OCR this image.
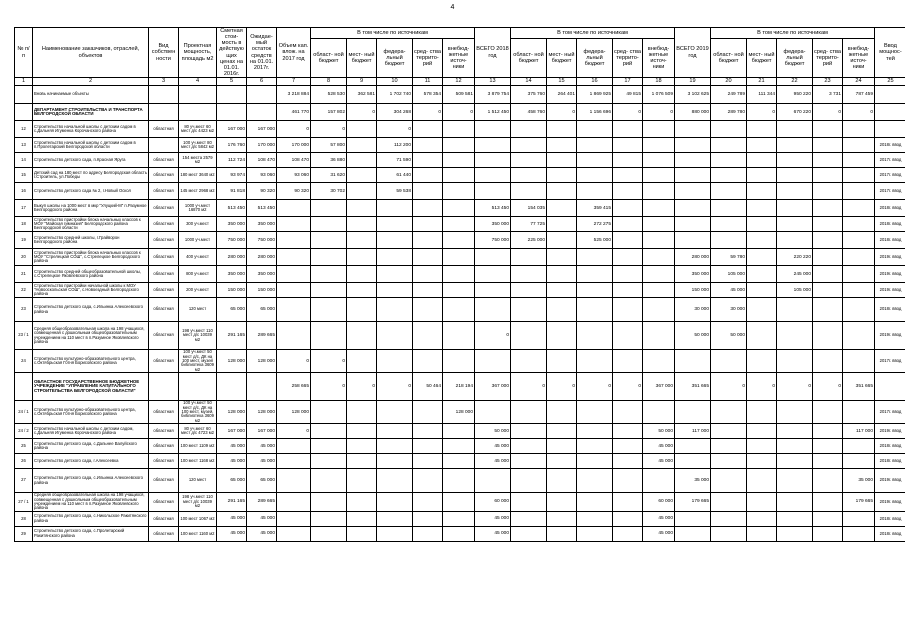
4
№ п/п	Наименование заказчиков, отраслей, объектов	Вид собствен ности	Проектная мощность, площадь м2	Сметная стои- мость в действую щих ценах на 01.01. 2016г.	Ожидае- мый остаток средств на 01.01. 2017г.	Объем кап. влож. на 2017 год	В том числе по источникам					ВСЕГО 2018 год	В том числе по источникам					ВСЕГО 2019 год	В том числе по источникам					Ввод мощнос- тей
							област- ной бюджет	мест- ный бюджет	федера- льный бюджет	сред- ства террито- рий	внебюд- жетные источ- ники		област- ной бюджет	мест- ный бюджет	федера- льный бюджет	сред- ства террито- рий	внебюд- жетные источ- ники		област- ной бюджет	мест- ный бюджет	федера- льный бюджет	сред- ства террито- рий	внебюд- жетные источ- ники	
1	2	3	4	5	6	7	8	9	10	11	12	13	14	15	16	17	18	19	20	21	22	23	24	25
	Вновь начинаемые объекты					3 218 884	528 530	362 581	1 702 740	578 354	509 581	3 879 754	375 760	264 401	1 869 925	49 815	1 076 509	3 102 625	249 789	111 344	950 220	3 731	787 459	
	ДЕПАРТАМЕНТ СТРОИТЕЛЬСТВА И ТРАНСПОРТА БЕЛГОРОДСКОЙ ОБЛАСТИ					461 770	157 802	0	304 268	0	0	1 512 450	458 760	0	1 156 696	0	0	880 000	289 780	0	670 220	0	0	
12	Строительство начальной школы с детским садом в с.Дальняя Игуменка Корочанского района	областная	80 уч.мест 60 мест д/с 4423 м2	167 000	167 000	0	0		0															
13	Строительство начальной школы с детским садом в п.Пролетарский Белгородской области		100 уч.мест 80 мест д/с 5842 м2	176 760	170 000	170 000	57 800		112 200															2018г. ввод
14	Строительство детского сада, п.Красная Яруга	областная	154 места 2579 м2	112 724	108 470	108 470	36 880		71 590															2017г. ввод
15	Детский сад на 180 мест по адресу Белгородская область г.Строитель, ул.Победы	областная	180 мест 3640 м2	93 974	93 060	93 060	31 620		61 440															2017г. ввод
16	Строительство детского сада № 2, г.Новый Оскол	областная	145 мест 2968 м2	91 818	90 320	90 320	30 702		59 538															2017г. ввод
17	Выкуп школы на 1000 мест в мкр "Улуцкий-М" п.Разумное Белгородского района	областная	1000 уч.мест 16870 м2	513 450	513 450							513 450	154 035		359 415									2018г. ввод
18	Строительство пристройки блока начальных классов к МОУ "Майская гимназия" Белгородского района Белгородской области	областная	300 уч.мест	350 000	350 000							350 000	77 725		272 275									2018г. ввод
19	Строительство средней школы, г.Грайворон Белгородского района	областная	1000 уч.мест	750 000	750 000							750 000	225 000		525 000									2018г. ввод
20	Строительство пристройки блока начальных классов к МОУ "Стрелецкая СОШ", с.Стрелецкое Белгородского района	областная	400 уч.мест	280 000	280 000													280 000	59 780		220 220			2019г. ввод
21	Строительство средней общеобразовательной школы, с.Стрелецкое Яковлевского района	областная	800 уч.мест	350 000	350 000													350 000	105 000		245 000			2019г. ввод
22	Строительство пристройки начальной школы к МОУ "Новооскольская СОШ", с.Новоездный Белгородского района	областная	200 уч.мест	150 000	150 000													150 000	45 000		105 000			2019г. ввод
23	Строительство детского сада, с.Ильинка Алексеевского района	областная	120 мест	65 000	65 000													30 000	30 000					2018г. ввод
23 / 1	Средняя общеобразовательная школа на 198 учащихся, совмещенная с дошкольным общеобразовательным учреждением на 110 мест в п.Разумное Яковлевского района	областная	198 уч.мест 110 мест д/с 10039 м2	291 165	289 665							0						50 000	50 000					2019г. ввод
24	Строительство культурно-образовательного центра, с.Октябрьская Готня Борисовского района	областная	100 уч.мест 50 мест д/с, ДК на 100 мест, музей библиотека 3609 м2	128 000	128 000	0	0																	2017г. ввод
	ОБЛАСТНОЕ ГОСУДАРСТВЕННОЕ БЮДЖЕТНОЕ УЧРЕЖДЕНИЕ "УПРАВЛЕНИЕ КАПИТАЛЬНОГО СТРОИТЕЛЬСТВА БЕЛГОРОДСКОЙ ОБЛАСТИ"					258 665	0	0	0	50 464	218 194	367 000	0	0	0	0	367 000	351 665	0	0	0	0	351 665	
24 / 1	Строительство культурно-образовательного центра, с.Октябрьская Готня Борисовского района	областная	100 уч.мест 50 мест д/с, ДК на 100 мест, музей, библиотека 3609 м2	128 000	128 000	128 000					128 000													2017г. ввод
24 / 2	Строительство начальной школы с детским садом, с.Дальняя Игуменка Корочанского района	областная	80 уч.мест 60 мест д/с 4723 м2	167 000	167 000	0						50 000					50 000	117 000					117 000	2019г. ввод
25	Строительство детского сада, с.Дальнее Валуйского района	областная	100 мест 1109 м2	45 000	45 000							45 000					45 000							2018г. ввод
26	Строительство детского сада, г.Алексеевка	областная	100 мест 1168 м2	45 000	45 000							45 000					45 000							2018г. ввод
27	Строительство детского сада, с.Ильинка Алексеевского района	областная	120 мест	65 000	65 000													35 000					35 000	2019г. ввод
27 / 1	Средняя общеобразовательная школа на 198 учащихся, совмещенная с дошкольным общеобразовательным учреждением на 110 мест в п.Разумное Яковлевского района	областная	198 уч.мест 110 мест д/с 10039 м2	291 165	289 665							60 000					60 000	179 665					179 665	2019г. ввод
28	Строительство детского сада, с.Никольское Ракитянского района	областная	100 мест 1067 м2	45 000	45 000							45 000					45 000							2018г. ввод
29	Строительство детского сада, с.Пролетарский Ракитянского района	областная	100 мест 1160 м2	45 000	45 000							45 000					45 000							2018г. ввод
